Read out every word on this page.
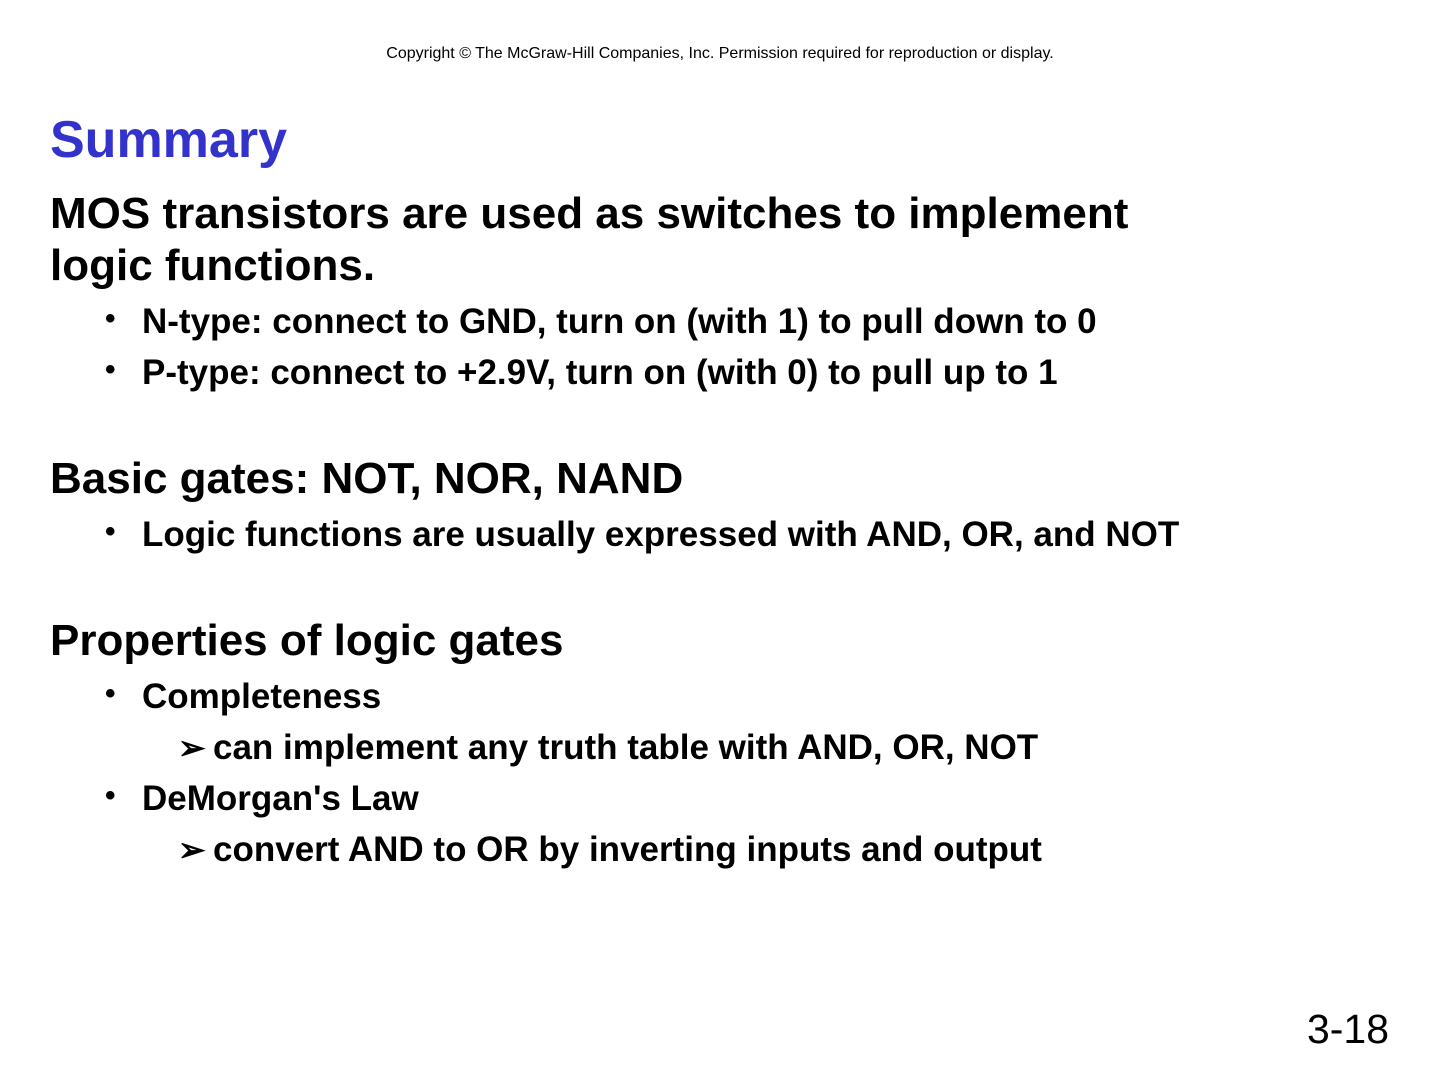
Copyright © The McGraw-Hill Companies, Inc. Permission required for reproduction or display.
Summary
MOS transistors are used as switches to implement
logic functions.
• N-type: connect to GND, turn on (with 1) to pull down to 0
• P-type: connect to +2.9V, turn on (with 0) to pull up to 1
Basic gates: NOT, NOR, NAND
• Logic functions are usually expressed with AND, OR, and NOT
Properties of logic gates
• Completeness
➢ can implement any truth table with AND, OR, NOT
• DeMorgan's Law
➢ convert AND to OR by inverting inputs and output
3-18
